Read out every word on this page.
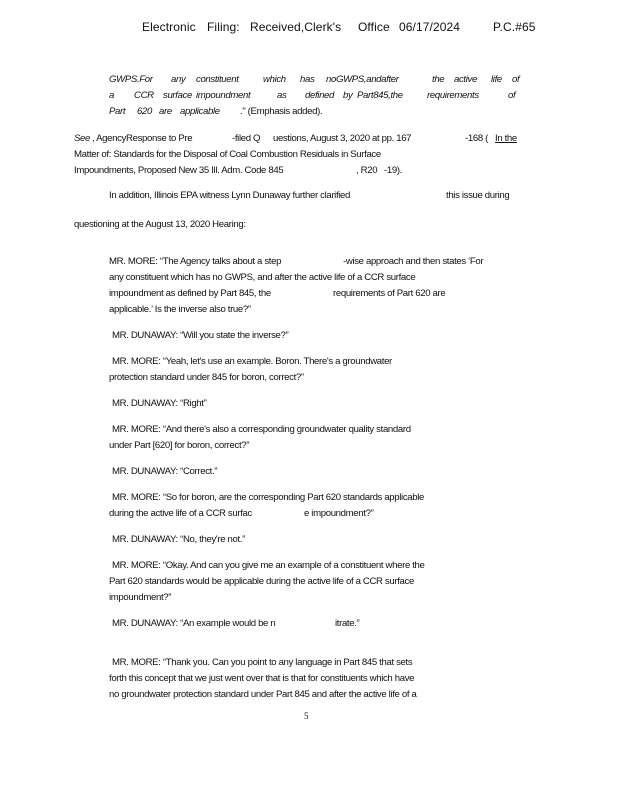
Electronic Filing: Received,Clerk's Office 06/17/2024	P.C.#65
GWPS.For any constituent	which has noGWPS,andafter	the active life of
a CCR surface impoundment	as defined by Part845,the	requirements	of
Part 620 are applicable ." (Emphasis added).
See , AgencyResponse to Pre	-filed Q uestions, August 3, 2020 at pp. 167	-168 ( In the
Matter of: Standards for the Disposal of Coal Combustion Residuals in Surface
Impoundments, Proposed New 35 Ill. Adm. Code 845	, R20 -19).
In addition, Illinois EPA witness Lynn Dunaway further clarified	this issue during
questioning at the August 13, 2020 Hearing:
MR. MORE: “The Agency talks about a step	-wise approach and then states ‘For
any constituent which has no GWPS, and after the active life of a CCR surface
impoundment as defined by Part 845, the	requirements of Part 620 are
applicable.’ Is the inverse also true?”
MR. DUNAWAY: “Will you state the inverse?”
MR. MORE: “Yeah, let's use an example. Boron. There's a groundwater
protection standard under 845 for boron, correct?”
MR. DUNAWAY: “Right”
MR. MORE: “And there's also a corresponding groundwater quality standard
under Part [620] for boron, correct?”
MR. DUNAWAY: “Correct.”
MR. MORE: “So for boron, are the corresponding Part 620 standards applicable
during the active life of a CCR surfac	e impoundment?”
MR. DUNAWAY: “No, they're not.”
MR. MORE: “Okay. And can you give me an example of a constituent where the
Part 620 standards would be applicable during the active life of a CCR surface
impoundment?”
MR. DUNAWAY: “An example would be n	itrate.”
MR. MORE: “Thank you. Can you point to any language in Part 845 that sets
forth this concept that we just went over that is that for constituents which have
no groundwater protection standard under Part 845 and after the active life of a
5
